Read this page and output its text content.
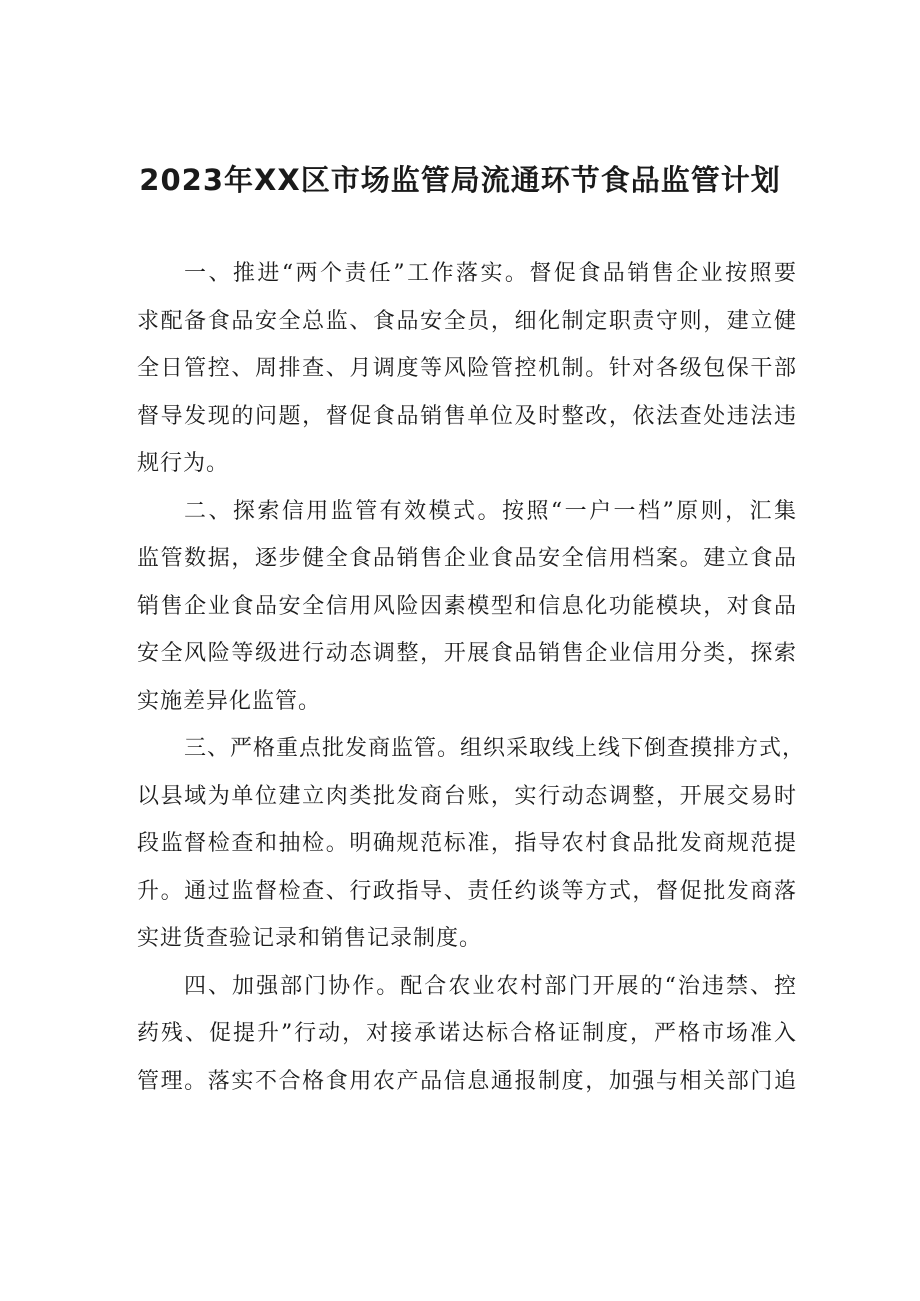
2023年XX区市场监管局流通环节食品监管计划

一、推进“两个责任”工作落实。督促食品销售企业按照要
求配备食品安全总监、食品安全员，细化制定职责守则，建立健
全日管控、周排查、月调度等风险管控机制。针对各级包保干部
督导发现的问题，督促食品销售单位及时整改，依法查处违法违
规行为。

二、探索信用监管有效模式。按照“一户一档”原则，汇集
监管数据，逐步健全食品销售企业食品安全信用档案。建立食品
销售企业食品安全信用风险因素模型和信息化功能模块，对食品
安全风险等级进行动态调整，开展食品销售企业信用分类，探索
实施差异化监管。

三、严格重点批发商监管。组织采取线上线下倒查摸排方式，
以县域为单位建立肉类批发商台账，实行动态调整，开展交易时
段监督检查和抽检。明确规范标准，指导农村食品批发商规范提
升。通过监督检查、行政指导、责任约谈等方式，督促批发商落
实进货查验记录和销售记录制度。

四、加强部门协作。配合农业农村部门开展的“治违禁、控
药残、促提升”行动，对接承诺达标合格证制度，严格市场准入
管理。落实不合格食用农产品信息通报制度，加强与相关部门追
